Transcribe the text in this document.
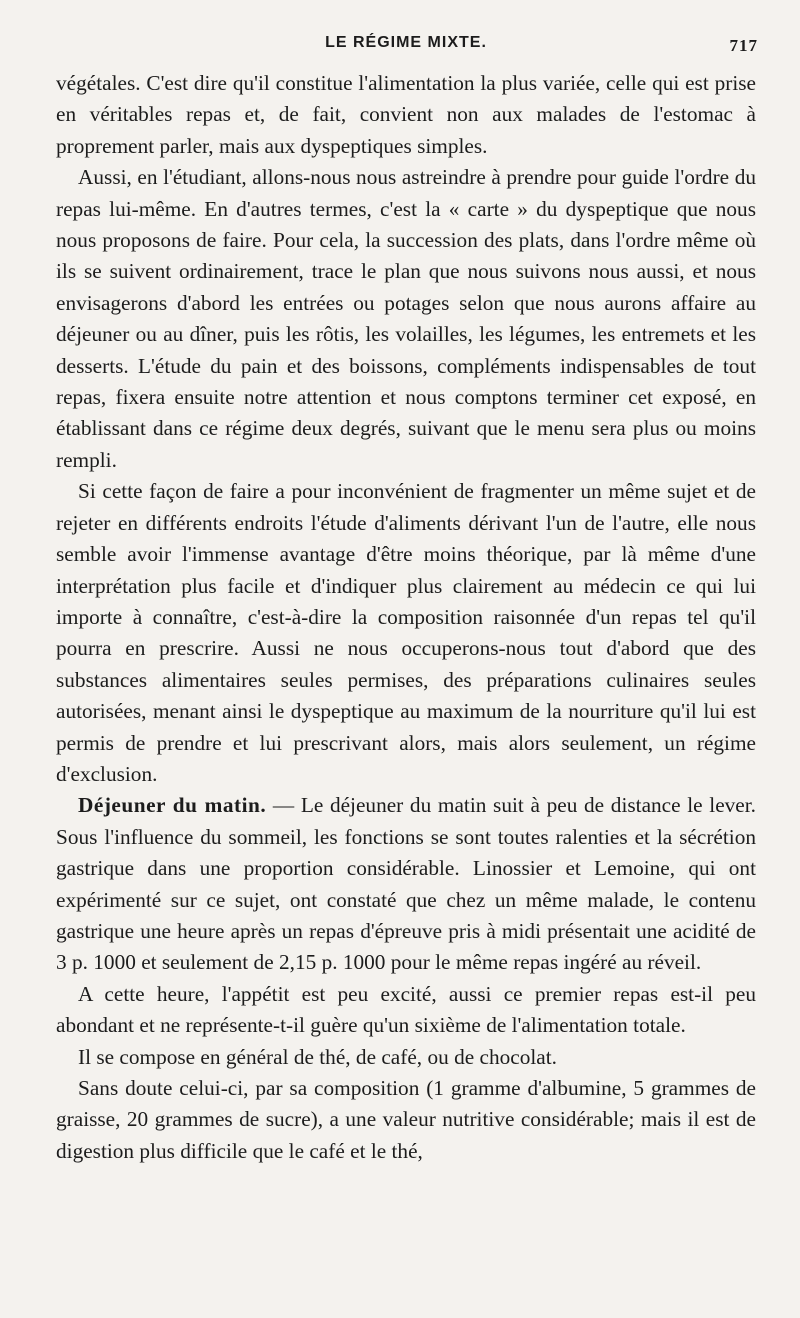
LE RÉGIME MIXTE.	717

végétales. C'est dire qu'il constitue l'alimentation la plus variée, celle qui est prise en véritables repas et, de fait, convient non aux malades de l'estomac à proprement parler, mais aux dyspeptiques simples.

Aussi, en l'étudiant, allons-nous nous astreindre à prendre pour guide l'ordre du repas lui-même. En d'autres termes, c'est la « carte » du dyspeptique que nous nous proposons de faire. Pour cela, la succession des plats, dans l'ordre même où ils se suivent ordinairement, trace le plan que nous suivons nous aussi, et nous envisagerons d'abord les entrées ou potages selon que nous aurons affaire au déjeuner ou au dîner, puis les rôtis, les volailles, les légumes, les entremets et les desserts. L'étude du pain et des boissons, compléments indispensables de tout repas, fixera ensuite notre attention et nous comptons terminer cet exposé, en établissant dans ce régime deux degrés, suivant que le menu sera plus ou moins rempli.

Si cette façon de faire a pour inconvénient de fragmenter un même sujet et de rejeter en différents endroits l'étude d'aliments dérivant l'un de l'autre, elle nous semble avoir l'immense avantage d'être moins théorique, par là même d'une interprétation plus facile et d'indiquer plus clairement au médecin ce qui lui importe à connaître, c'est-à-dire la composition raisonnée d'un repas tel qu'il pourra en prescrire. Aussi ne nous occuperons-nous tout d'abord que des substances alimentaires seules permises, des préparations culinaires seules autorisées, menant ainsi le dyspeptique au maximum de la nourriture qu'il lui est permis de prendre et lui prescrivant alors, mais alors seulement, un régime d'exclusion.

Déjeuner du matin. — Le déjeuner du matin suit à peu de distance le lever. Sous l'influence du sommeil, les fonctions se sont toutes ralenties et la sécrétion gastrique dans une proportion considérable. Linossier et Lemoine, qui ont expérimenté sur ce sujet, ont constaté que chez un même malade, le contenu gastrique une heure après un repas d'épreuve pris à midi présentait une acidité de 3 p. 1000 et seulement de 2,15 p. 1000 pour le même repas ingéré au réveil.

A cette heure, l'appétit est peu excité, aussi ce premier repas est-il peu abondant et ne représente-t-il guère qu'un sixième de l'alimentation totale.

Il se compose en général de thé, de café, ou de chocolat.

Sans doute celui-ci, par sa composition (1 gramme d'albumine, 5 grammes de graisse, 20 grammes de sucre), a une valeur nutritive considérable; mais il est de digestion plus difficile que le café et le thé,
